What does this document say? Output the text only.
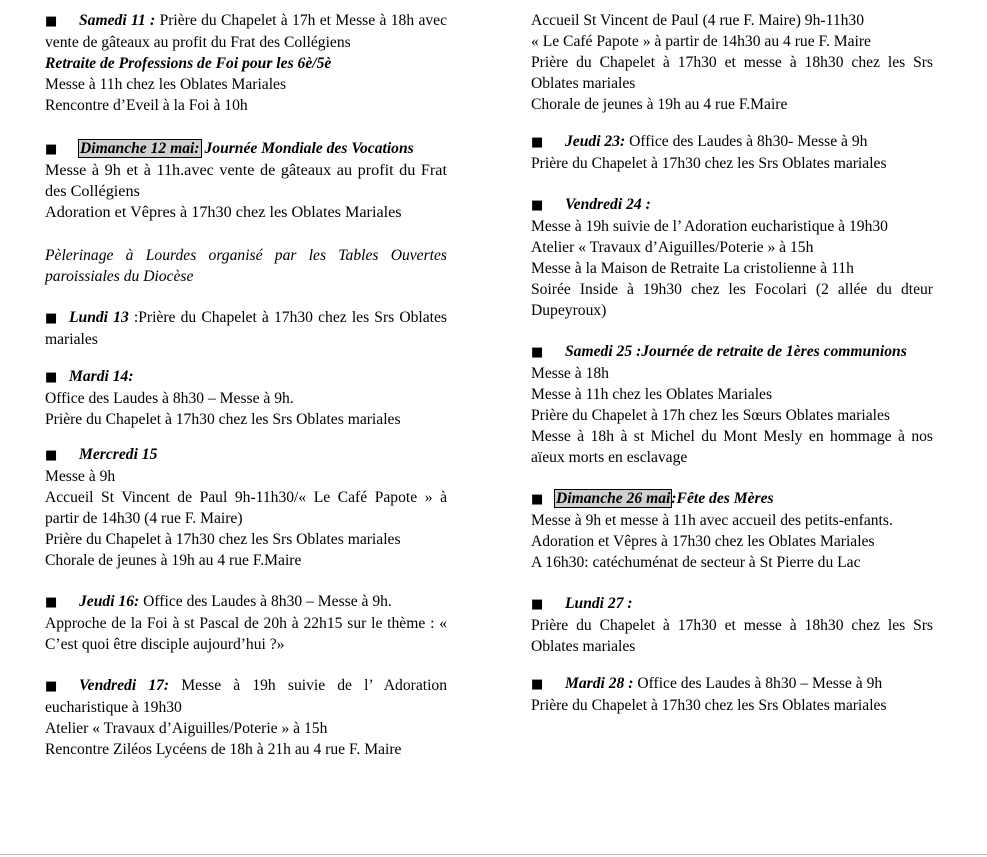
■Samedi 11 : Prière du Chapelet à 17h et Messe à 18h avec vente de gâteaux au profit du Frat des Collégiens

Retraite de Professions de Foi pour les 6è/5è

Messe à 11h chez les Oblates Mariales

Rencontre d’Eveil à la Foi à 10h

■Dimanche 12 mai: Journée Mondiale des Vocations

Messe à 9h et à 11h.avec vente de gâteaux au profit du Frat des Collégiens

Adoration et Vêpres à 17h30 chez les Oblates Mariales

Pèlerinage à Lourdes organisé par les Tables Ouvertes paroissiales du Diocèse

■Lundi 13 :Prière du Chapelet à 17h30 chez les Srs Oblates mariales

■Mardi 14:

Office des Laudes à 8h30 – Messe à 9h.

Prière du Chapelet à 17h30 chez les Srs Oblates mariales

■Mercredi 15

Messe à 9h

Accueil St Vincent de Paul 9h-11h30/« Le Café Papote » à partir de 14h30 (4 rue F. Maire)

Prière du Chapelet à 17h30 chez les Srs Oblates mariales

Chorale de jeunes à 19h au 4 rue F.Maire

■Jeudi 16: Office des Laudes à 8h30 – Messe à 9h.

Approche de la Foi à st Pascal de 20h à 22h15 sur le thème : « C’est quoi être disciple aujourd’hui ?»

■Vendredi 17: Messe à 19h suivie de l’ Adoration eucharistique à 19h30

Atelier « Travaux d’Aiguilles/Poterie » à 15h

Rencontre Ziléos Lycéens de 18h à 21h au 4 rue F. Maire

Accueil St Vincent de Paul (4 rue F. Maire) 9h-11h30

« Le Café Papote » à partir de 14h30 au 4 rue F. Maire

Prière du Chapelet à 17h30 et messe à 18h30 chez les Srs Oblates mariales

Chorale de jeunes à 19h au 4 rue F.Maire

■Jeudi 23: Office des Laudes à 8h30- Messe à 9h

Prière du Chapelet à 17h30 chez les Srs Oblates mariales

■Vendredi 24 :

Messe à 19h suivie de l’ Adoration eucharistique à 19h30

Atelier « Travaux d’Aiguilles/Poterie » à 15h

Messe à la Maison de Retraite La cristolienne à 11h

Soirée Inside à 19h30 chez les Focolari (2 allée du dteur Dupeyroux)

■Samedi 25 :Journée de retraite de 1ères communions

Messe à 18h

Messe à 11h chez les Oblates Mariales

Prière du Chapelet à 17h chez les Sœurs Oblates mariales

Messe à 18h à st Michel du Mont Mesly en hommage à nos aïeux morts en esclavage

■Dimanche 26 mai:Fête des Mères

Messe à 9h et messe à 11h avec accueil des petits-enfants.

Adoration et Vêpres à 17h30 chez les Oblates Mariales

A 16h30: catéchuménat de secteur à St Pierre du Lac

■Lundi 27 :

Prière du Chapelet à 17h30 et messe à 18h30 chez les Srs Oblates mariales

■Mardi 28 : Office des Laudes à 8h30 – Messe à 9h

Prière du Chapelet à 17h30 chez les Srs Oblates mariales
